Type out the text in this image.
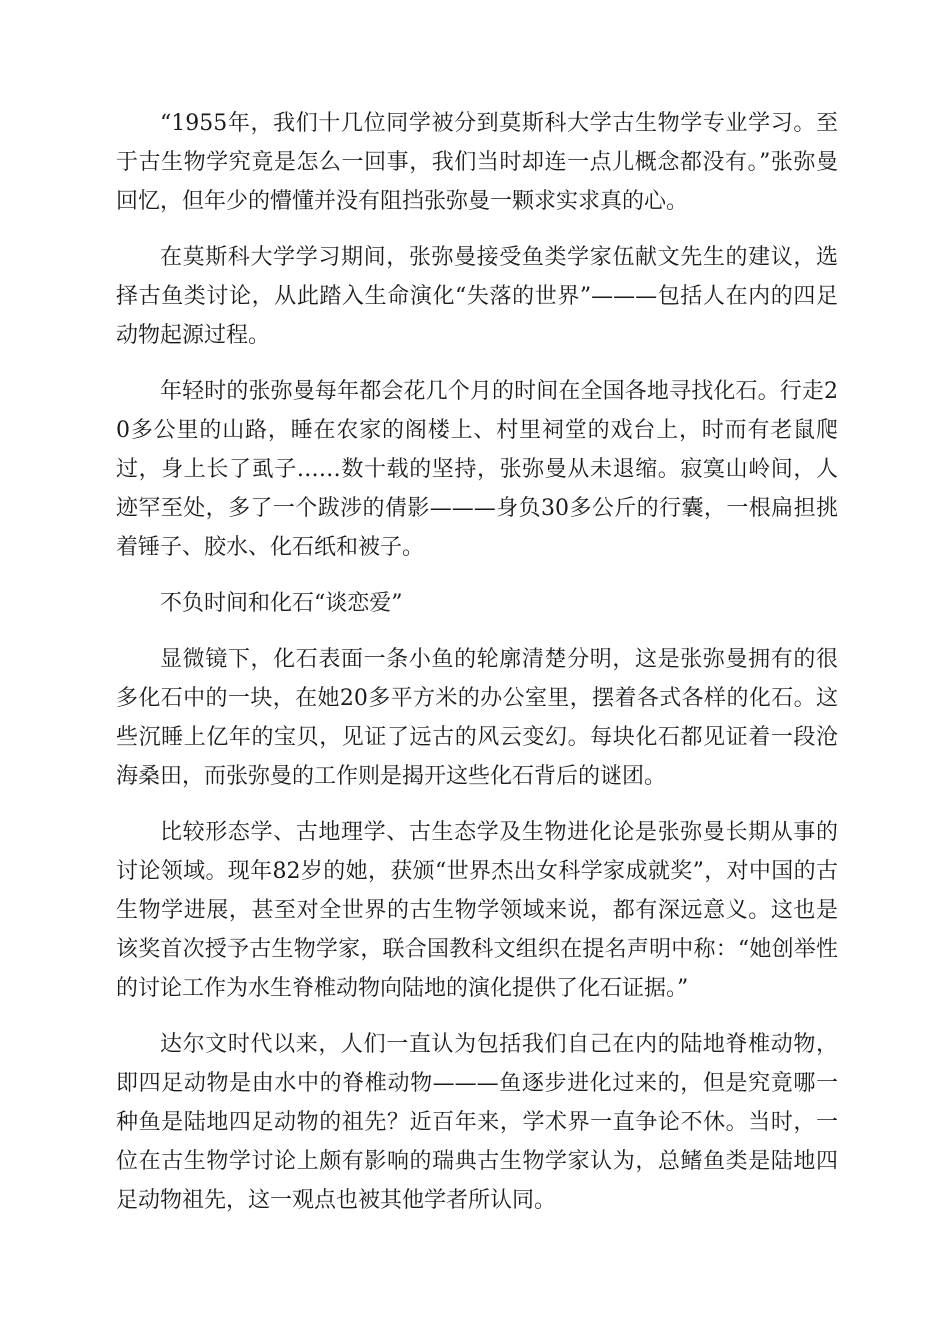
“1955年，我们十几位同学被分到莫斯科大学古生物学专业学习。至于古生物学究竟是怎么一回事，我们当时却连一点儿概念都没有。”张弥曼回忆，但年少的懵懂并没有阻挡张弥曼一颗求实求真的心。

在莫斯科大学学习期间，张弥曼接受鱼类学家伍献文先生的建议，选择古鱼类讨论，从此踏入生命演化“失落的世界”———包括人在内的四足动物起源过程。

年轻时的张弥曼每年都会花几个月的时间在全国各地寻找化石。行走20多公里的山路，睡在农家的阁楼上、村里祠堂的戏台上，时而有老鼠爬过，身上长了虱子……数十载的坚持，张弥曼从未退缩。寂寞山岭间，人迹罕至处，多了一个跋涉的倩影———身负30多公斤的行囊，一根扁担挑着锤子、胶水、化石纸和被子。

不负时间和化石“谈恋爱”

显微镜下，化石表面一条小鱼的轮廓清楚分明，这是张弥曼拥有的很多化石中的一块，在她20多平方米的办公室里，摆着各式各样的化石。这些沉睡上亿年的宝贝，见证了远古的风云变幻。每块化石都见证着一段沧海桑田，而张弥曼的工作则是揭开这些化石背后的谜团。

比较形态学、古地理学、古生态学及生物进化论是张弥曼长期从事的讨论领域。现年82岁的她，获颁“世界杰出女科学家成就奖”，对中国的古生物学进展，甚至对全世界的古生物学领域来说，都有深远意义。这也是该奖首次授予古生物学家，联合国教科文组织在提名声明中称：“她创举性的讨论工作为水生脊椎动物向陆地的演化提供了化石证据。”

达尔文时代以来，人们一直认为包括我们自己在内的陆地脊椎动物，即四足动物是由水中的脊椎动物———鱼逐步进化过来的，但是究竟哪一种鱼是陆地四足动物的祖先？近百年来，学术界一直争论不休。当时，一位在古生物学讨论上颇有影响的瑞典古生物学家认为，总鳍鱼类是陆地四足动物祖先，这一观点也被其他学者所认同。
